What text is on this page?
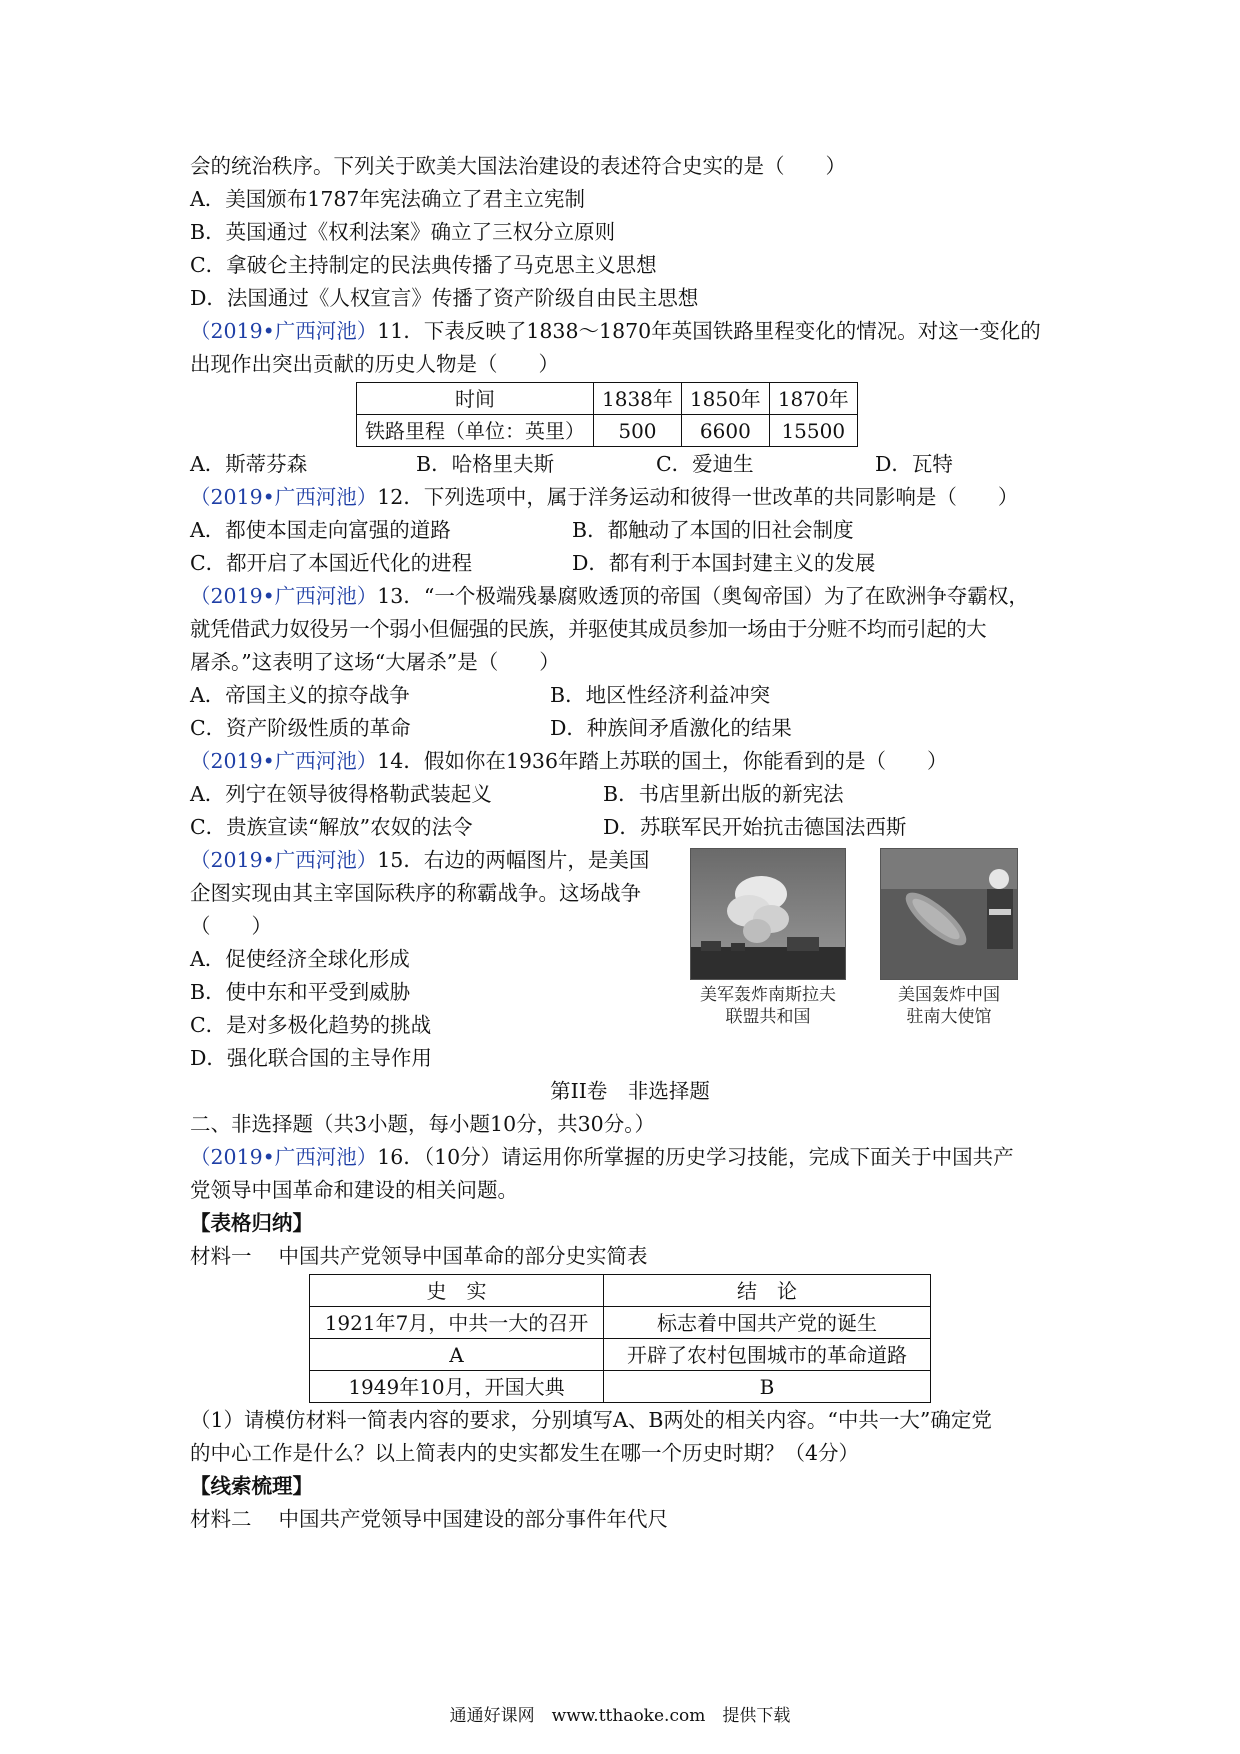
会的统治秩序。下列关于欧美大国法治建设的表述符合史实的是（　　）
A．美国颁布1787年宪法确立了君主立宪制
B．英国通过《权利法案》确立了三权分立原则
C．拿破仑主持制定的民法典传播了马克思主义思想
D．法国通过《人权宣言》传播了资产阶级自由民主思想
（2019•广西河池）11．下表反映了1838～1870年英国铁路里程变化的情况。对这一变化的
出现作出突出贡献的历史人物是（　　）
时间	1838年	1850年	1870年
铁路里程（单位：英里）	500	6600	15500
A．斯蒂芬森	B．哈格里夫斯	C．爱迪生	D．瓦特
（2019•广西河池）12．下列选项中，属于洋务运动和彼得一世改革的共同影响是（　　）
A．都使本国走向富强的道路	B．都触动了本国的旧社会制度
C．都开启了本国近代化的进程	D．都有利于本国封建主义的发展
（2019•广西河池）13．“一个极端残暴腐败透顶的帝国（奥匈帝国）为了在欧洲争夺霸权，
就凭借武力奴役另一个弱小但倔强的民族，并驱使其成员参加一场由于分赃不均而引起的大
屠杀。”这表明了这场“大屠杀”是（　　）
A．帝国主义的掠夺战争	B．地区性经济利益冲突
C．资产阶级性质的革命	D．种族间矛盾激化的结果
（2019•广西河池）14．假如你在1936年踏上苏联的国土，你能看到的是（　　）
A．列宁在领导彼得格勒武装起义	B．书店里新出版的新宪法
C．贵族宣读“解放”农奴的法令	D．苏联军民开始抗击德国法西斯
（2019•广西河池）15．右边的两幅图片，是美国
企图实现由其主宰国际秩序的称霸战争。这场战争
（　　）
A．促使经济全球化形成
B．使中东和平受到威胁
C．是对多极化趋势的挑战
D．强化联合国的主导作用
美军轰炸南斯拉夫
联盟共和国
美国轰炸中国
驻南大使馆
第II卷　非选择题
二、非选择题（共3小题，每小题10分，共30分。）
（2019•广西河池）16．（10分）请运用你所掌握的历史学习技能，完成下面关于中国共产
党领导中国革命和建设的相关问题。
【表格归纳】
材料一　 中国共产党领导中国革命的部分史实简表
史　实	结　论
1921年7月，中共一大的召开	标志着中国共产党的诞生
A	开辟了农村包围城市的革命道路
1949年10月，开国大典	B
（1）请模仿材料一简表内容的要求，分别填写A、B两处的相关内容。“中共一大”确定党
的中心工作是什么？以上简表内的史实都发生在哪一个历史时期？（4分）
【线索梳理】
材料二　 中国共产党领导中国建设的部分事件年代尺
通通好课网　www.tthaoke.com　提供下载
